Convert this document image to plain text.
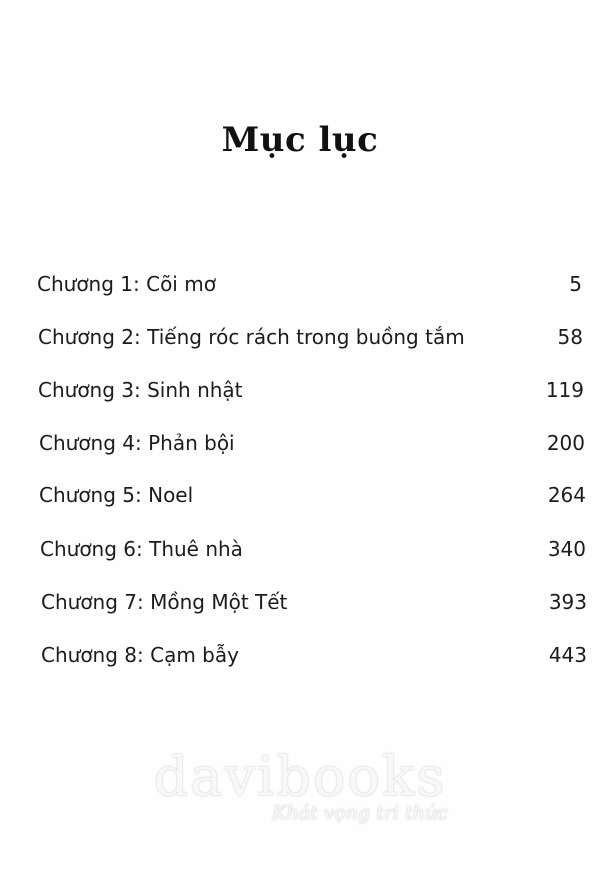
Mục lục
Chương 1: Cõi mơ	5
Chương 2: Tiếng róc rách trong buồng tắm	58
Chương 3: Sinh nhật	119
Chương 4: Phản bội	200
Chương 5: Noel	264
Chương 6: Thuê nhà	340
Chương 7: Mồng Một Tết	393
Chương 8: Cạm bẫy	443
davibooks
Khát vọng tri thức
